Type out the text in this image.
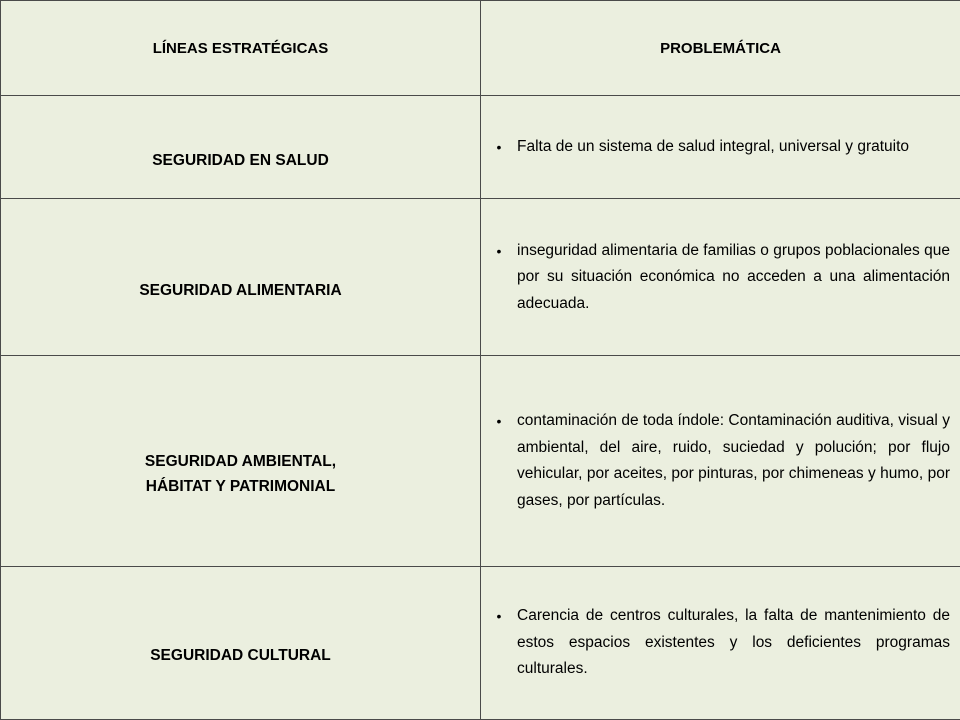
LÍNEAS ESTRATÉGICAS	PROBLEMÁTICA

SEGURIDAD EN SALUD	• Falta de un sistema de salud integral, universal y gratuito

SEGURIDAD ALIMENTARIA	• inseguridad alimentaria de familias o grupos poblacionales que por su situación económica no acceden a una alimentación adecuada.

SEGURIDAD AMBIENTAL,
HÁBITAT Y PATRIMONIAL	• contaminación de toda índole: Contaminación auditiva, visual y ambiental, del aire, ruido, suciedad y polución; por flujo vehicular, por aceites, por pinturas, por chimeneas y humo, por gases, por partículas.

SEGURIDAD CULTURAL	• Carencia de centros culturales, la falta de mantenimiento de estos espacios existentes y los deficientes programas culturales.
